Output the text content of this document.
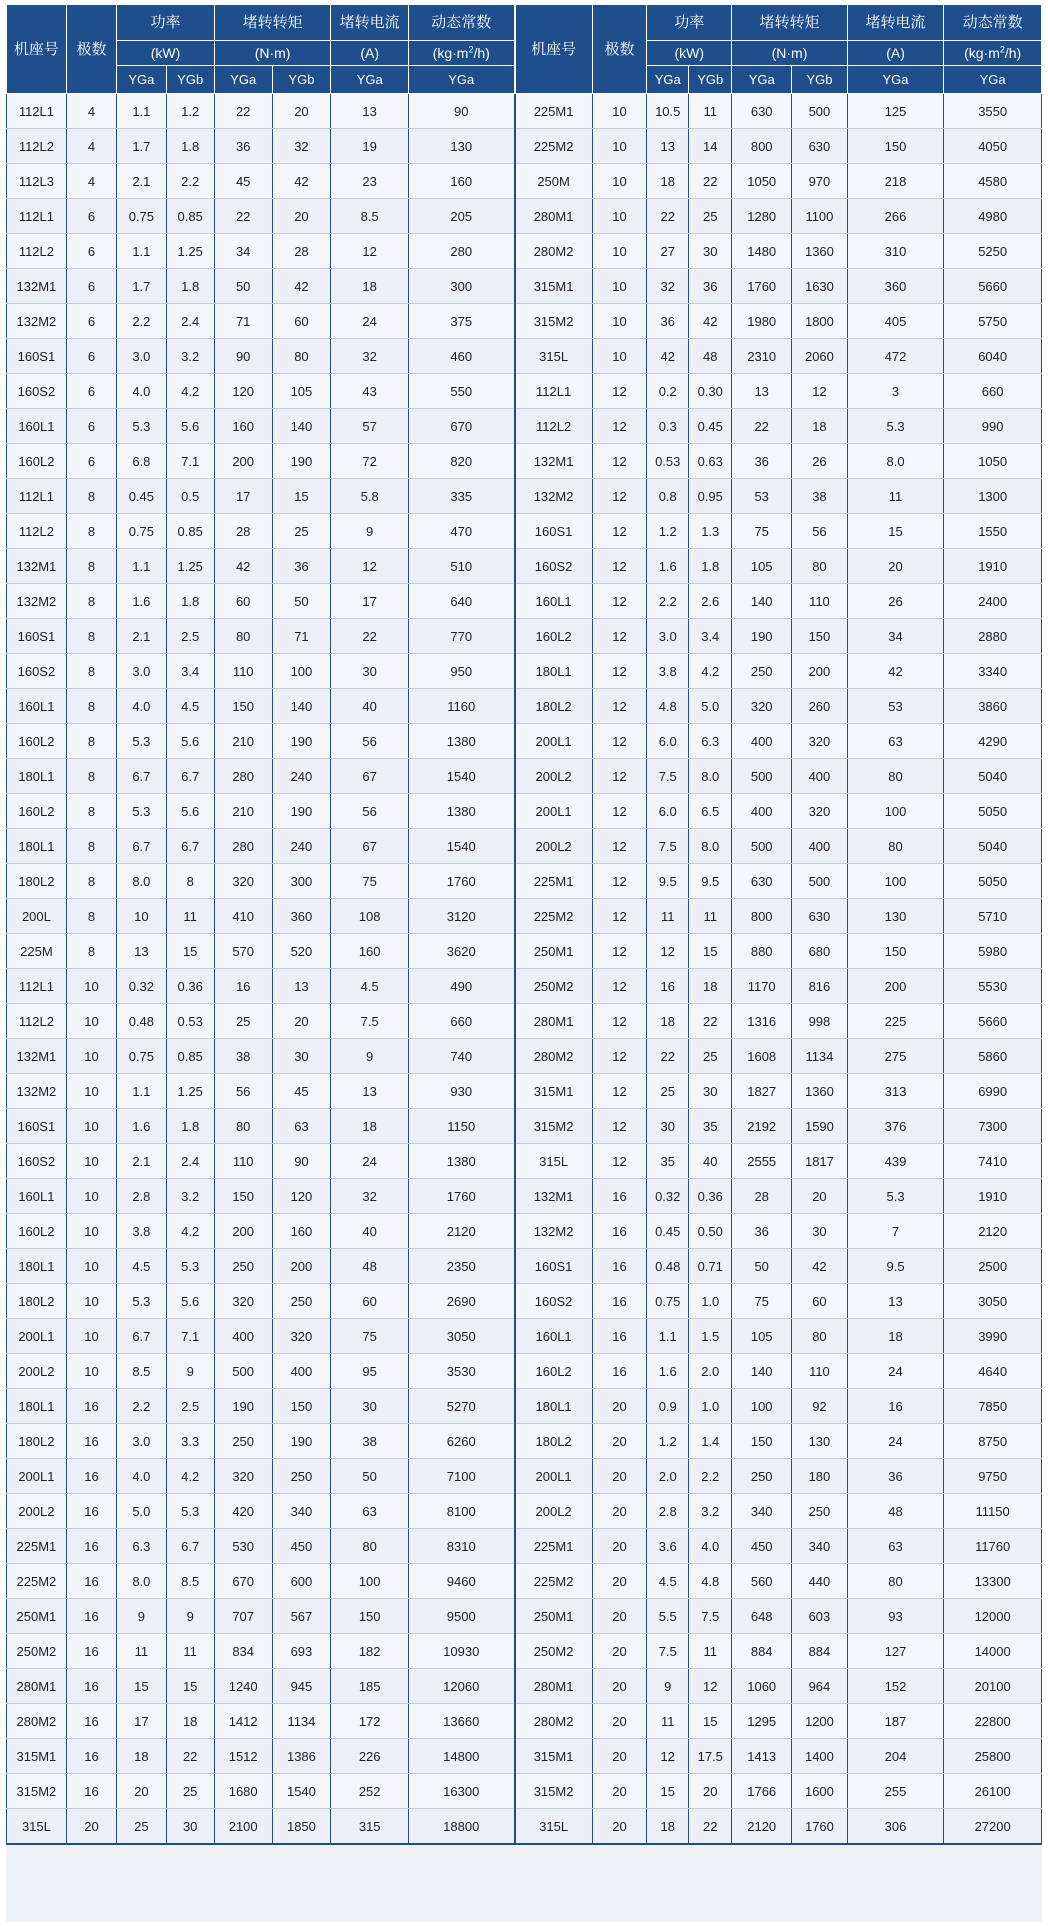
机座号	极数	功率		堵转转矩		堵转电流	动态常数	机座号	极数	功率		堵转转矩		堵转电流	动态常数
		(kW)		(N·m)		(A)	$(kg\cdot m^2/h)$			(kW)		(N·m)		(A)	$(kg\cdot m^2/h)$
		YGa	YGb	YGa	YGb	YGa	YGa			YGa	YGb	YGa	YGb	YGa	YGa
112L1	4	1.1	1.2	22	20	13	90	225M1	10	10.5	11	630	500	125	3550
112L2	4	1.7	1.8	36	32	19	130	225M2	10	13	14	800	630	150	4050
112L3	4	2.1	2.2	45	42	23	160	250M	10	18	22	1050	970	218	4580
112L1	6	0.75	0.85	22	20	8.5	205	280M1	10	22	25	1280	1100	266	4980
112L2	6	1.1	1.25	34	28	12	280	280M2	10	27	30	1480	1360	310	5250
132M1	6	1.7	1.8	50	42	18	300	315M1	10	32	36	1760	1630	360	5660
132M2	6	2.2	2.4	71	60	24	375	315M2	10	36	42	1980	1800	405	5750
160S1	6	3.0	3.2	90	80	32	460	315L	10	42	48	2310	2060	472	6040
160S2	6	4.0	4.2	120	105	43	550	112L1	12	0.2	0.30	13	12	3	660
160L1	6	5.3	5.6	160	140	57	670	112L2	12	0.3	0.45	22	18	5.3	990
160L2	6	6.8	7.1	200	190	72	820	132M1	12	0.53	0.63	36	26	8.0	1050
112L1	8	0.45	0.5	17	15	5.8	335	132M2	12	0.8	0.95	53	38	11	1300
112L2	8	0.75	0.85	28	25	9	470	160S1	12	1.2	1.3	75	56	15	1550
132M1	8	1.1	1.25	42	36	12	510	160S2	12	1.6	1.8	105	80	20	1910
132M2	8	1.6	1.8	60	50	17	640	160L1	12	2.2	2.6	140	110	26	2400
160S1	8	2.1	2.5	80	71	22	770	160L2	12	3.0	3.4	190	150	34	2880
160S2	8	3.0	3.4	110	100	30	950	180L1	12	3.8	4.2	250	200	42	3340
160L1	8	4.0	4.5	150	140	40	1160	180L2	12	4.8	5.0	320	260	53	3860
160L2	8	5.3	5.6	210	190	56	1380	200L1	12	6.0	6.3	400	320	63	4290
180L1	8	6.7	6.7	280	240	67	1540	200L2	12	7.5	8.0	500	400	80	5040
160L2	8	5.3	5.6	210	190	56	1380	200L1	12	6.0	6.5	400	320	100	5050
180L1	8	6.7	6.7	280	240	67	1540	200L2	12	7.5	8.0	500	400	80	5040
180L2	8	8.0	8	320	300	75	1760	225M1	12	9.5	9.5	630	500	100	5050
200L	8	10	11	410	360	108	3120	225M2	12	11	11	800	630	130	5710
225M	8	13	15	570	520	160	3620	250M1	12	12	15	880	680	150	5980
112L1	10	0.32	0.36	16	13	4.5	490	250M2	12	16	18	1170	816	200	5530
112L2	10	0.48	0.53	25	20	7.5	660	280M1	12	18	22	1316	998	225	5660
132M1	10	0.75	0.85	38	30	9	740	280M2	12	22	25	1608	1134	275	5860
132M2	10	1.1	1.25	56	45	13	930	315M1	12	25	30	1827	1360	313	6990
160S1	10	1.6	1.8	80	63	18	1150	315M2	12	30	35	2192	1590	376	7300
160S2	10	2.1	2.4	110	90	24	1380	315L	12	35	40	2555	1817	439	7410
160L1	10	2.8	3.2	150	120	32	1760	132M1	16	0.32	0.36	28	20	5.3	1910
160L2	10	3.8	4.2	200	160	40	2120	132M2	16	0.45	0.50	36	30	7	2120
180L1	10	4.5	5.3	250	200	48	2350	160S1	16	0.48	0.71	50	42	9.5	2500
180L2	10	5.3	5.6	320	250	60	2690	160S2	16	0.75	1.0	75	60	13	3050
200L1	10	6.7	7.1	400	320	75	3050	160L1	16	1.1	1.5	105	80	18	3990
200L2	10	8.5	9	500	400	95	3530	160L2	16	1.6	2.0	140	110	24	4640
180L1	16	2.2	2.5	190	150	30	5270	180L1	20	0.9	1.0	100	92	16	7850
180L2	16	3.0	3.3	250	190	38	6260	180L2	20	1.2	1.4	150	130	24	8750
200L1	16	4.0	4.2	320	250	50	7100	200L1	20	2.0	2.2	250	180	36	9750
200L2	16	5.0	5.3	420	340	63	8100	200L2	20	2.8	3.2	340	250	48	11150
225M1	16	6.3	6.7	530	450	80	8310	225M1	20	3.6	4.0	450	340	63	11760
225M2	16	8.0	8.5	670	600	100	9460	225M2	20	4.5	4.8	560	440	80	13300
250M1	16	9	9	707	567	150	9500	250M1	20	5.5	7.5	648	603	93	12000
250M2	16	11	11	834	693	182	10930	250M2	20	7.5	11	884	884	127	14000
280M1	16	15	15	1240	945	185	12060	280M1	20	9	12	1060	964	152	20100
280M2	16	17	18	1412	1134	172	13660	280M2	20	11	15	1295	1200	187	22800
315M1	16	18	22	1512	1386	226	14800	315M1	20	12	17.5	1413	1400	204	25800
315M2	16	20	25	1680	1540	252	16300	315M2	20	15	20	1766	1600	255	26100
315L	20	25	30	2100	1850	315	18800	315L	20	18	22	2120	1760	306	27200
